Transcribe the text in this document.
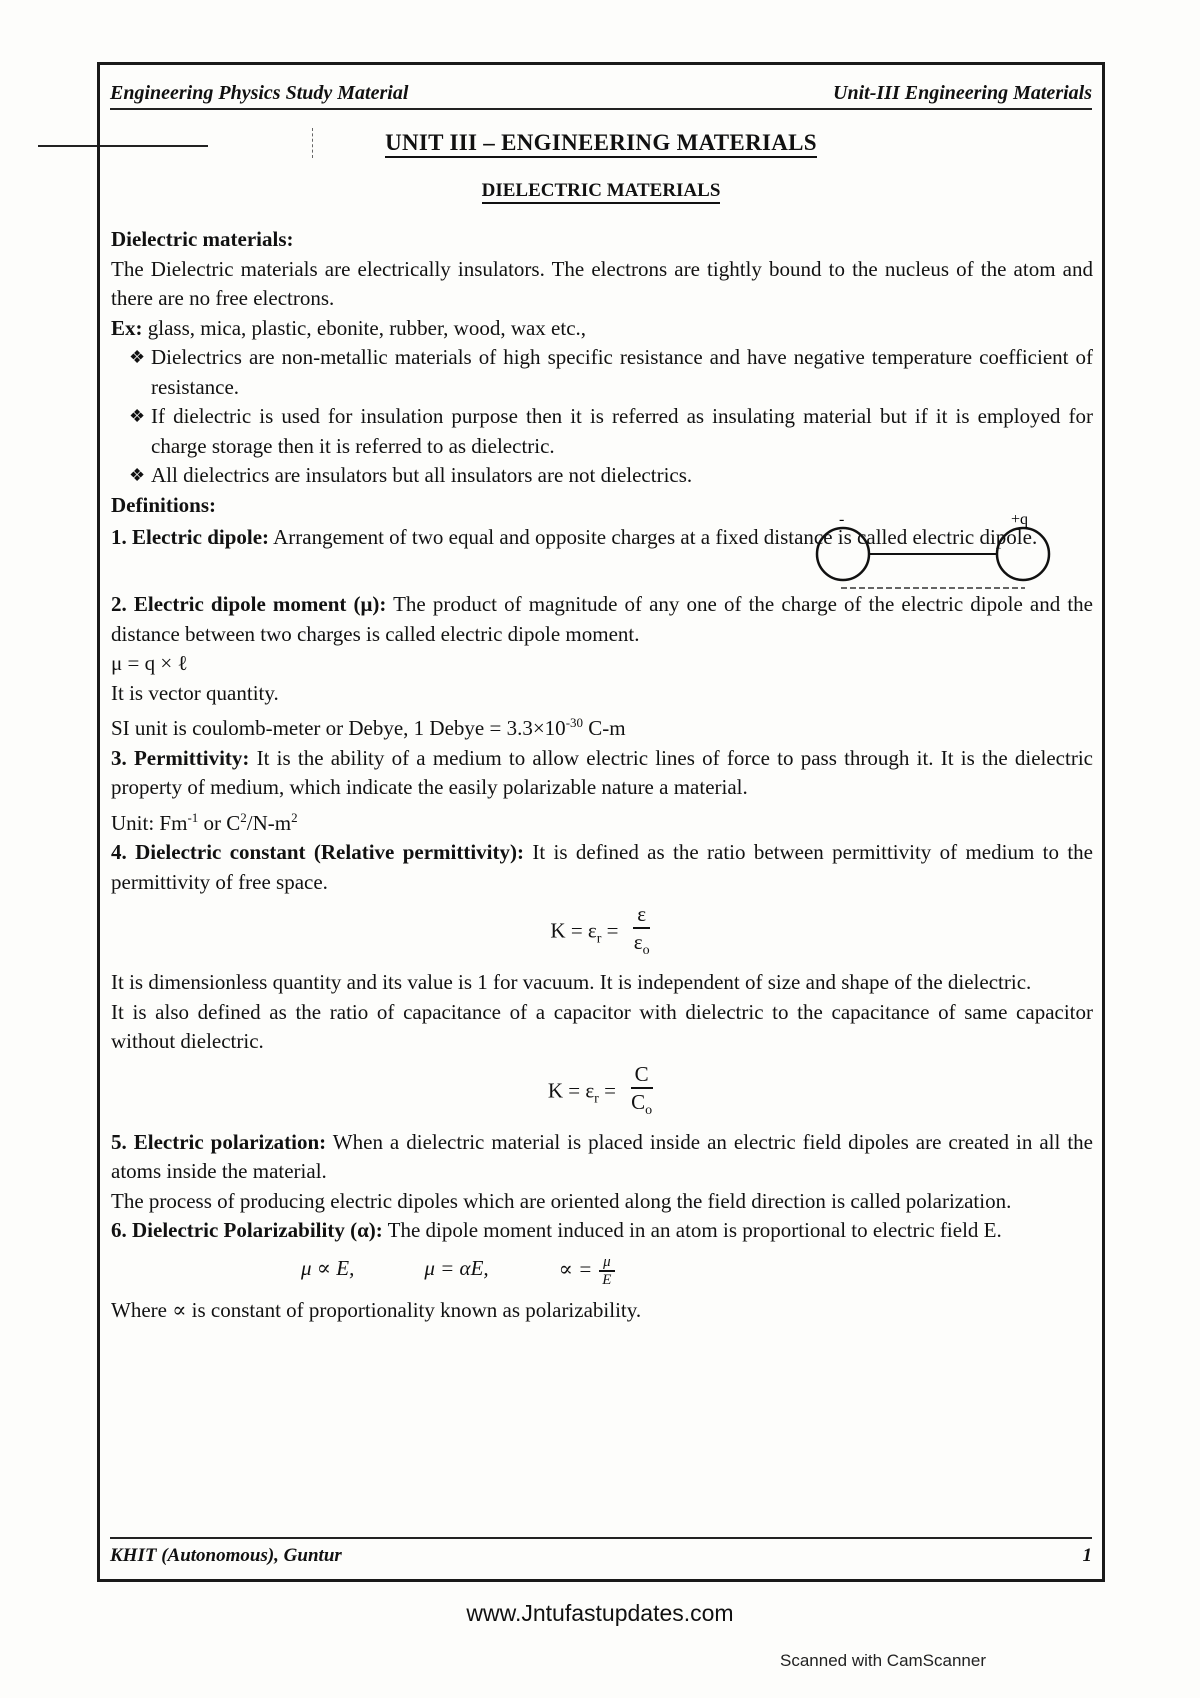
Engineering Physics Study Material	Unit-III Engineering Materials
UNIT III – ENGINEERING MATERIALS
DIELECTRIC MATERIALS

Dielectric materials:

The Dielectric materials are electrically insulators. The electrons are tightly bound to the nucleus of the atom and there are no free electrons.

Ex: glass, mica, plastic, ebonite, rubber, wood, wax etc.,

❖ Dielectrics are non-metallic materials of high specific resistance and have negative temperature coefficient of resistance.
❖ If dielectric is used for insulation purpose then it is referred as insulating material but if it is employed for charge storage then it is referred to as dielectric.
❖ All dielectrics are insulators but all insulators are not dielectrics.

Definitions:

1. Electric dipole: Arrangement of two equal and opposite charges at a fixed distance is called electric dipole.

-	+q

2. Electric dipole moment (μ): The product of magnitude of any one of the charge of the electric dipole and the distance between two charges is called electric dipole moment.

μ = q × ℓ

It is vector quantity.

SI unit is coulomb-meter or Debye, 1 Debye = $3.3\times 10^{-30}$ C-m

3. Permittivity: It is the ability of a medium to allow electric lines of force to pass through it. It is the dielectric property of medium, which indicate the easily polarizable nature a material.

Unit: $Fm^{-1}$ or $C^2/N-m^2$

4. Dielectric constant (Relative permittivity): It is defined as the ratio between permittivity of medium to the permittivity of free space.

$K = \varepsilon_r = \frac{\varepsilon}{\varepsilon_o}$

It is dimensionless quantity and its value is 1 for vacuum. It is independent of size and shape of the dielectric.

It is also defined as the ratio of capacitance of a capacitor with dielectric to the capacitance of same capacitor without dielectric.

$K = \varepsilon_r = \frac{C}{C_o}$

5. Electric polarization: When a dielectric material is placed inside an electric field dipoles are created in all the atoms inside the material.

The process of producing electric dipoles which are oriented along the field direction is called polarization.

6. Dielectric Polarizability (α): The dipole moment induced in an atom is proportional to electric field E.

μ ∝ E,	μ = αE,	∝ = $\frac{\mu}{E}$

Where ∝ is constant of proportionality known as polarizability.

KHIT (Autonomous), Guntur	1
www.Jntufastupdates.com
Scanned with CamScanner
